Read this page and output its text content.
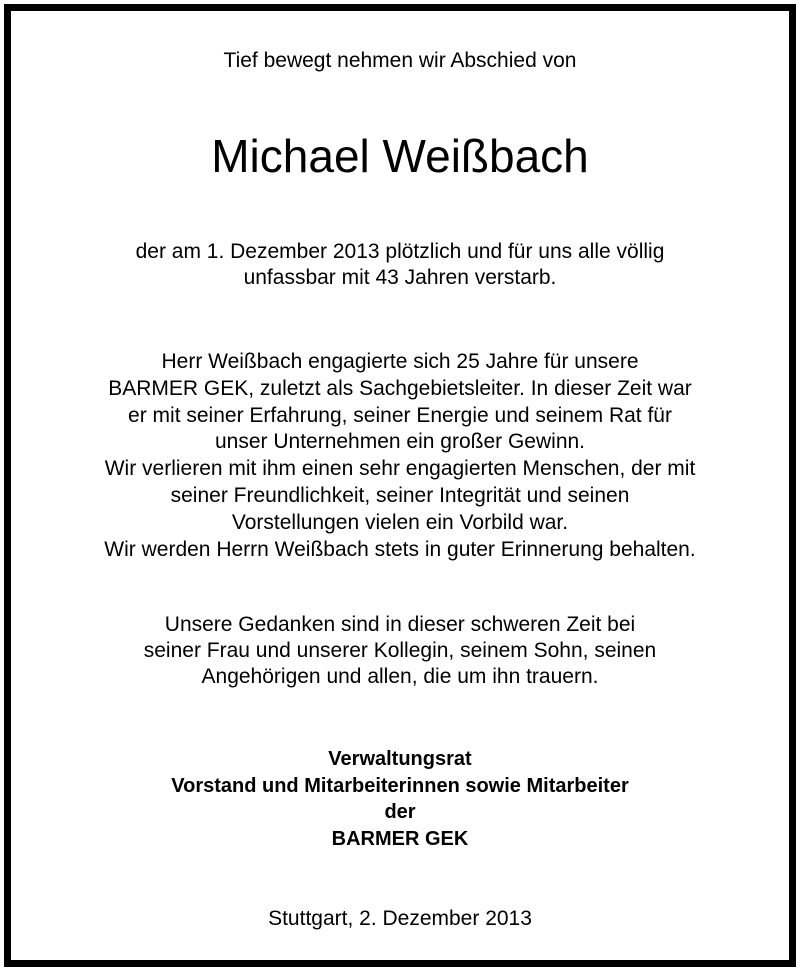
Tief bewegt nehmen wir Abschied von
Michael Weißbach
der am 1. Dezember 2013 plötzlich und für uns alle völlig
unfassbar mit 43 Jahren verstarb.
Herr Weißbach engagierte sich 25 Jahre für unsere
BARMER GEK, zuletzt als Sachgebietsleiter. In dieser Zeit war
er mit seiner Erfahrung, seiner Energie und seinem Rat für
unser Unternehmen ein großer Gewinn.
Wir verlieren mit ihm einen sehr engagierten Menschen, der mit
seiner Freundlichkeit, seiner Integrität und seinen
Vorstellungen vielen ein Vorbild war.
Wir werden Herrn Weißbach stets in guter Erinnerung behalten.
Unsere Gedanken sind in dieser schweren Zeit bei
seiner Frau und unserer Kollegin, seinem Sohn, seinen
Angehörigen und allen, die um ihn trauern.
Verwaltungsrat
Vorstand und Mitarbeiterinnen sowie Mitarbeiter
der
BARMER GEK
Stuttgart, 2. Dezember 2013
